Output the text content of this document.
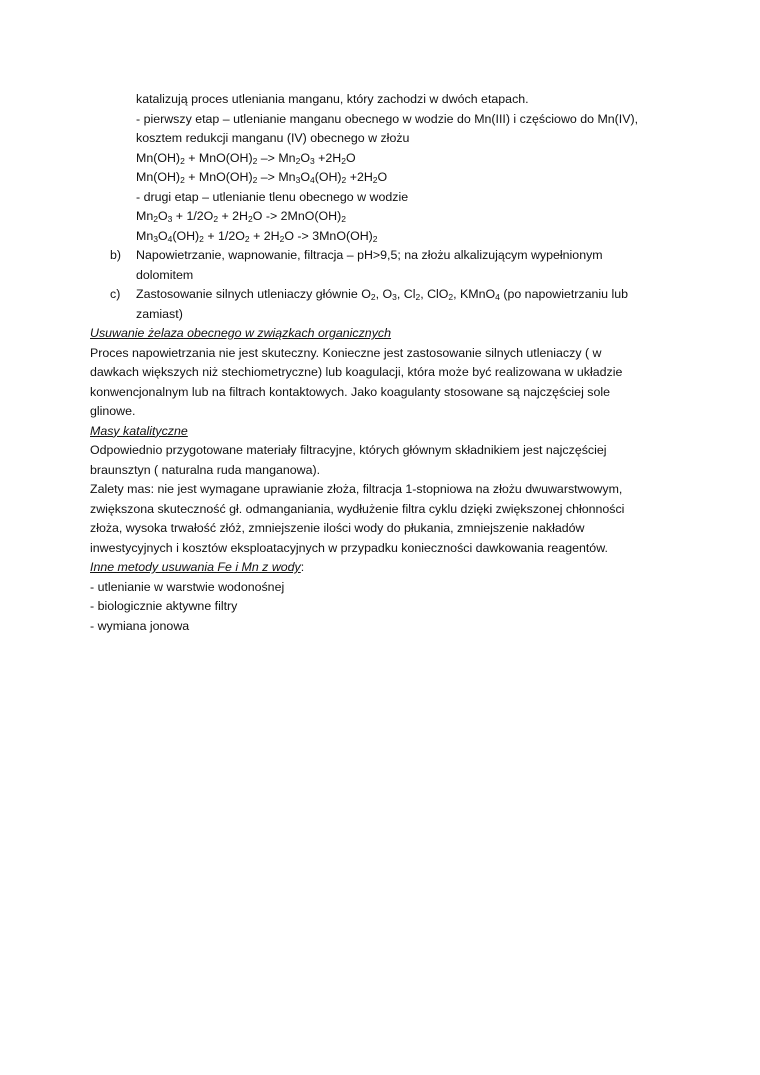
katalizują proces utleniania manganu, który zachodzi w dwóch etapach.
- pierwszy etap – utlenianie manganu obecnego w wodzie do Mn(III) i częściowo do Mn(IV),
kosztem redukcji manganu (IV) obecnego w złożu
$Mn(OH)_2 + MnO(OH)_2 -> Mn_2O_3 +2H_2O$
$Mn(OH)_2 + MnO(OH)_2 -> Mn_3O_4(OH)_2 +2H_2O$
- drugi etap – utlenianie tlenu obecnego w wodzie
$Mn_2O_3 + 1/2O_2 + 2H_2O -> 2MnO(OH)_2$
$Mn_3O_4(OH)_2 + 1/2O_2 + 2H_2O -> 3MnO(OH)_2$
b)	Napowietrzanie, wapnowanie, filtracja – pH>9,5; na złożu alkalizującym wypełnionym
dolomitem
c)	Zastosowanie silnych utleniaczy głównie $O_2$, $O_3$, $Cl_2$, ClO$_2$, KMnO$_4$ (po napowietrzaniu lub
zamiast)
Usuwanie żelaza obecnego w związkach organicznych
Proces napowietrzania nie jest skuteczny. Konieczne jest zastosowanie silnych utleniaczy ( w
dawkach większych niż stechiometryczne) lub koagulacji, która może być realizowana w układzie
konwencjonalnym lub na filtrach kontaktowych. Jako koagulanty stosowane są najczęściej sole
glinowe.
Masy katalityczne
Odpowiednio przygotowane materiały filtracyjne, których głównym składnikiem jest najczęściej
braunsztyn ( naturalna ruda manganowa).
Zalety mas: nie jest wymagane uprawianie złoża, filtracja 1-stopniowa na złożu dwuwarstwowym,
zwiększona skuteczność gł. odmanganiania, wydłużenie filtra cyklu dzięki zwiększonej chłonności
złoża, wysoka trwałość złóż, zmniejszenie ilości wody do płukania, zmniejszenie nakładów
inwestycyjnych i kosztów eksploatacyjnych w przypadku konieczności dawkowania reagentów.
Inne metody usuwania Fe i Mn z wody:
- utlenianie w warstwie wodonośnej
- biologicznie aktywne filtry
- wymiana jonowa
